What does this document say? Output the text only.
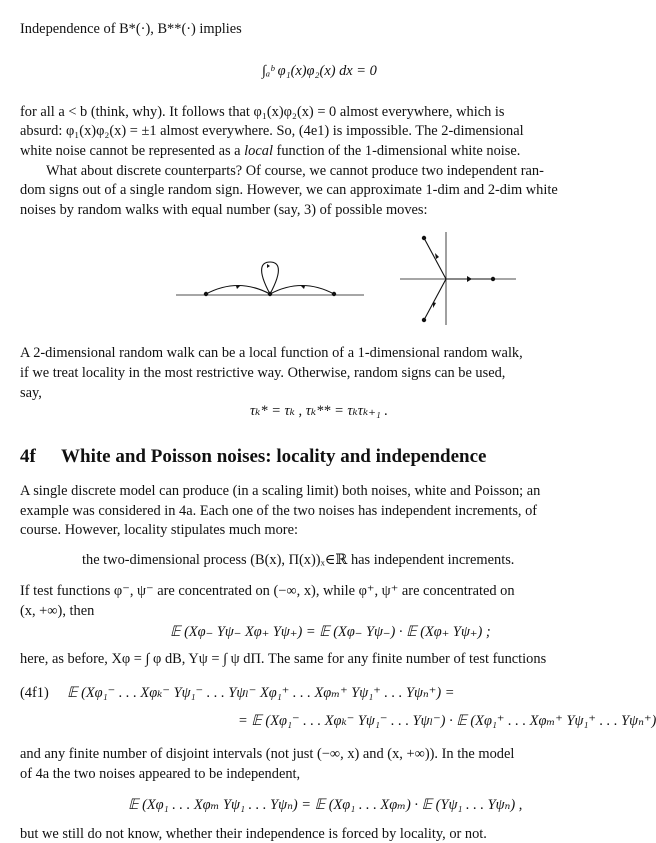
Independence of B*(·), B**(·) implies
∫ₐᵇ φ₁(x)φ₂(x) dx = 0
for all a < b (think, why). It follows that φ₁(x)φ₂(x) = 0 almost everywhere, which is
absurd: φ₁(x)φ₂(x) = ±1 almost everywhere. So, (4e1) is impossible. The 2-dimensional
white noise cannot be represented as a local function of the 1-dimensional white noise.
What about discrete counterparts? Of course, we cannot produce two independent ran-
dom signs out of a single random sign. However, we can approximate 1-dim and 2-dim white
noises by random walks with equal number (say, 3) of possible moves:
A 2-dimensional random walk can be a local function of a 1-dimensional random walk,
if we treat locality in the most restrictive way. Otherwise, random signs can be used,
say,
τₖ* = τₖ , τₖ** = τₖτₖ₊₁ .
4f White and Poisson noises: locality and independence
A single discrete model can produce (in a scaling limit) both noises, white and Poisson; an
example was considered in 4a. Each one of the two noises has independent increments, of
course. However, locality stipulates much more:
the two-dimensional process (B(x), Π(x))ₓ∈ℝ has independent increments.
If test functions φ⁻, ψ⁻ are concentrated on (−∞, x), while φ⁺, ψ⁺ are concentrated on
(x, +∞), then
𝔼 (Xφ₋ Yψ₋ Xφ₊ Yψ₊) = 𝔼 (Xφ₋ Yψ₋) · 𝔼 (Xφ₊ Yψ₊) ;
here, as before, Xφ = ∫ φ dB, Yψ = ∫ ψ dΠ. The same for any finite number of test functions
(4f1) 𝔼 (Xφ₁⁻ . . . Xφₖ⁻ Yψ₁⁻ . . . Yψₗ⁻ Xφ₁⁺ . . . Xφₘ⁺ Yψ₁⁺ . . . Yψₙ⁺) =
= 𝔼 (Xφ₁⁻ . . . Xφₖ⁻ Yψ₁⁻ . . . Yψₗ⁻) · 𝔼 (Xφ₁⁺ . . . Xφₘ⁺ Yψ₁⁺ . . . Yψₙ⁺)
and any finite number of disjoint intervals (not just (−∞, x) and (x, +∞)). In the model
of 4a the two noises appeared to be independent,
𝔼 (Xφ₁ . . . Xφₘ Yψ₁ . . . Yψₙ) = 𝔼 (Xφ₁ . . . Xφₘ) · 𝔼 (Yψ₁ . . . Yψₙ) ,
but we still do not know, whether their independence is forced by locality, or not.
